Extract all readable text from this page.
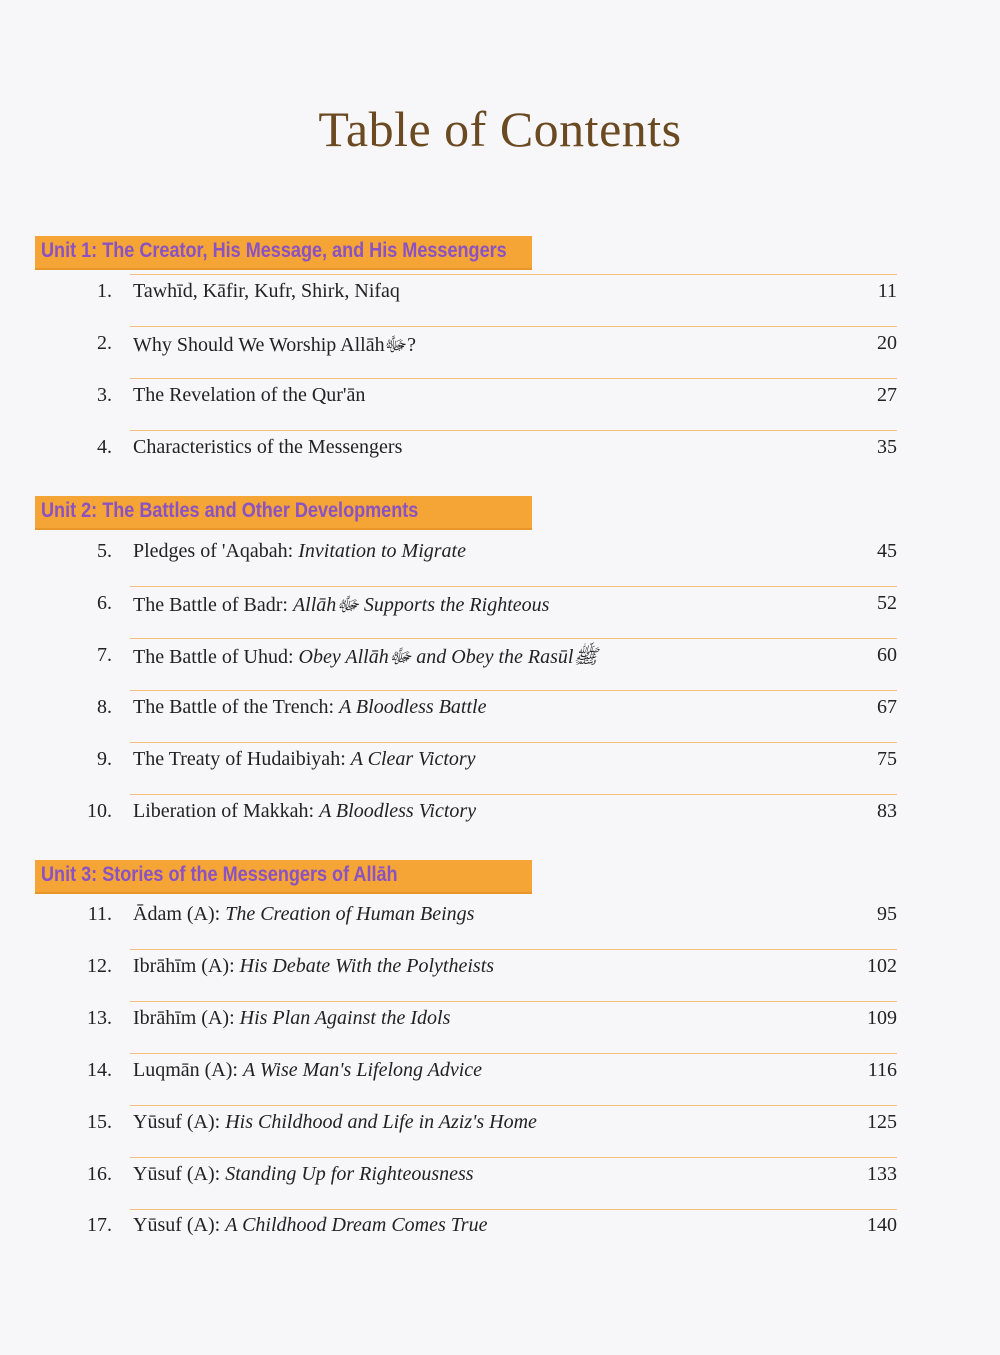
Table of Contents
Unit 1: The Creator, His Message, and His Messengers
1. Tawhīd, Kāfir, Kufr, Shirk, Nifaq	11
2. Why Should We Worship Allāhﷻ?	20
3. The Revelation of the Qur'ān	27
4. Characteristics of the Messengers	35
Unit 2: The Battles and Other Developments
5. Pledges of 'Aqabah: Invitation to Migrate	45
6. The Battle of Badr: Allāhﷻ Supports the Righteous	52
7. The Battle of Uhud: Obey Allāhﷻ and Obey the Rasūlﷺ	60
8. The Battle of the Trench: A Bloodless Battle	67
9. The Treaty of Hudaibiyah: A Clear Victory	75
10. Liberation of Makkah: A Bloodless Victory	83
Unit 3: Stories of the Messengers of Allāh
11. Ādam (A): The Creation of Human Beings	95
12. Ibrāhīm (A): His Debate With the Polytheists	102
13. Ibrāhīm (A): His Plan Against the Idols	109
14. Luqmān (A): A Wise Man's Lifelong Advice	116
15. Yūsuf (A): His Childhood and Life in Aziz's Home	125
16. Yūsuf (A): Standing Up for Righteousness	133
17. Yūsuf (A): A Childhood Dream Comes True	140
